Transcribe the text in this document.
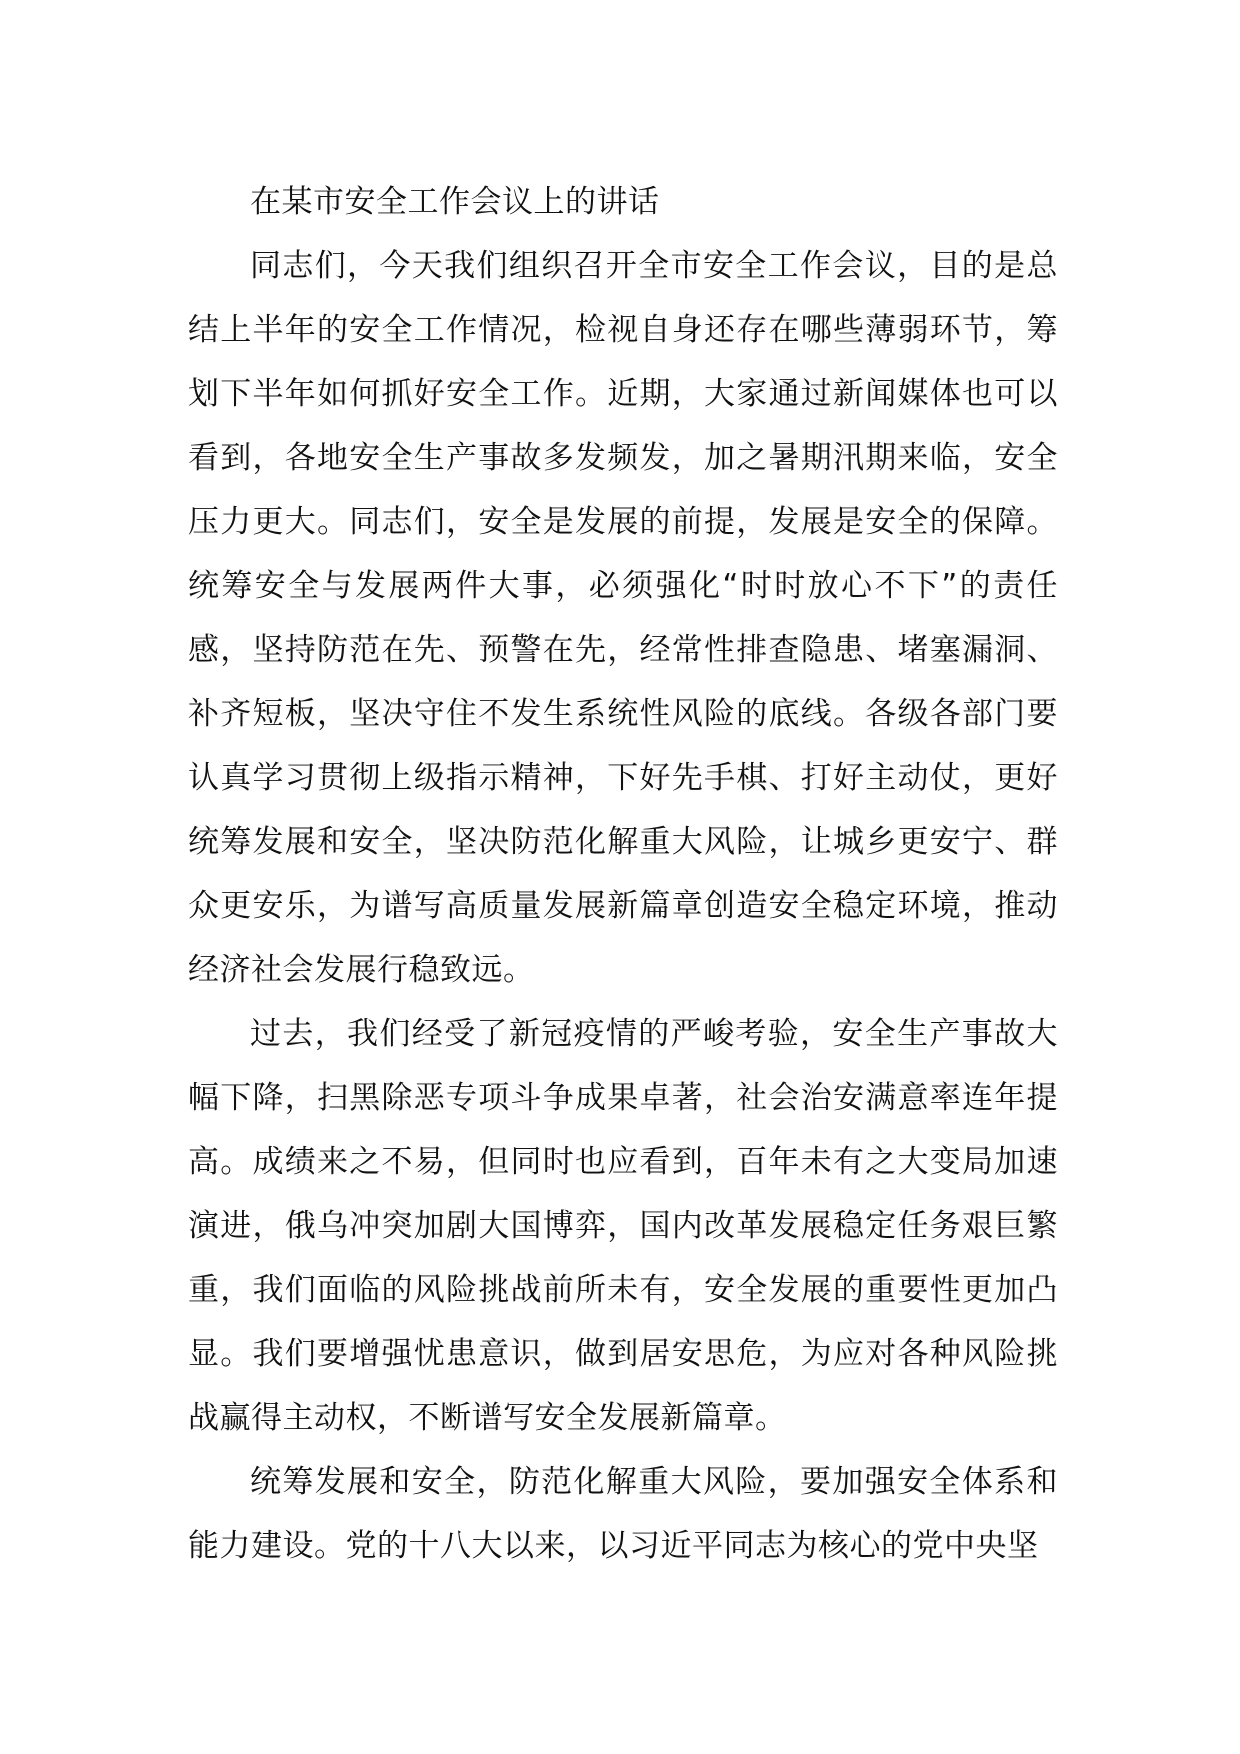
在某市安全工作会议上的讲话

同志们，今天我们组织召开全市安全工作会议，目的是总结上半年的安全工作情况，检视自身还存在哪些薄弱环节，筹划下半年如何抓好安全工作。近期，大家通过新闻媒体也可以看到，各地安全生产事故多发频发，加之暑期汛期来临，安全压力更大。同志们，安全是发展的前提，发展是安全的保障。统筹安全与发展两件大事，必须强化“时时放心不下”的责任感，坚持防范在先、预警在先，经常性排查隐患、堵塞漏洞、补齐短板，坚决守住不发生系统性风险的底线。各级各部门要认真学习贯彻上级指示精神，下好先手棋、打好主动仗，更好统筹发展和安全，坚决防范化解重大风险，让城乡更安宁、群众更安乐，为谱写高质量发展新篇章创造安全稳定环境，推动经济社会发展行稳致远。

过去，我们经受了新冠疫情的严峻考验，安全生产事故大幅下降，扫黑除恶专项斗争成果卓著，社会治安满意率连年提高。成绩来之不易，但同时也应看到，百年未有之大变局加速演进，俄乌冲突加剧大国博弈，国内改革发展稳定任务艰巨繁重，我们面临的风险挑战前所未有，安全发展的重要性更加凸显。我们要增强忧患意识，做到居安思危，为应对各种风险挑战赢得主动权，不断谱写安全发展新篇章。

统筹发展和安全，防范化解重大风险，要加强安全体系和能力建设。党的十八大以来，以习近平同志为核心的党中央坚
